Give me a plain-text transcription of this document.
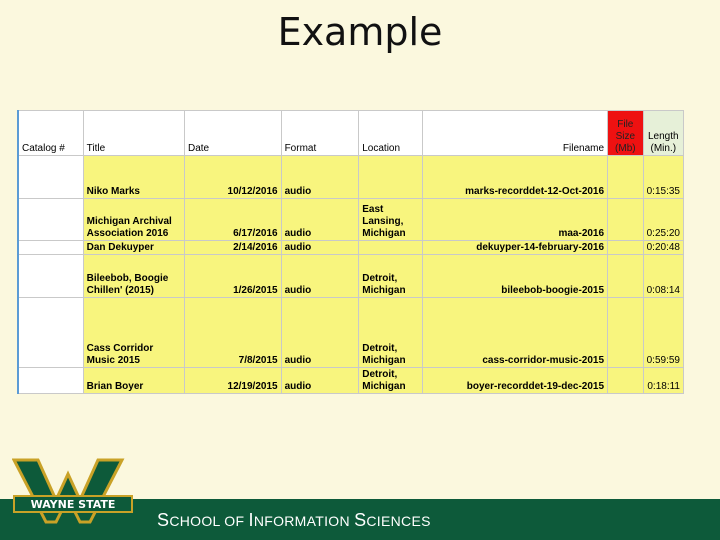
Example
Catalog #	Title	Date	Format	Location	Filename	File Size (Mb)	Length (Min.)
	Niko Marks	10/12/2016	audio		marks-recorddet-12-Oct-2016		0:15:35
	Michigan Archival Association 2016	6/17/2016	audio	East Lansing, Michigan	maa-2016		0:25:20
	Dan Dekuyper	2/14/2016	audio		dekuyper-14-february-2016		0:20:48
	Bileebob, Boogie Chillen' (2015)	1/26/2015	audio	Detroit, Michigan	bileebob-boogie-2015		0:08:14
	Cass Corridor Music 2015	7/8/2015	audio	Detroit, Michigan	cass-corridor-music-2015		0:59:59
	Brian Boyer	12/19/2015	audio	Detroit, Michigan	boyer-recorddet-19-dec-2015		0:18:11
WAYNE STATE
SCHOOL OF INFORMATION SCIENCES
